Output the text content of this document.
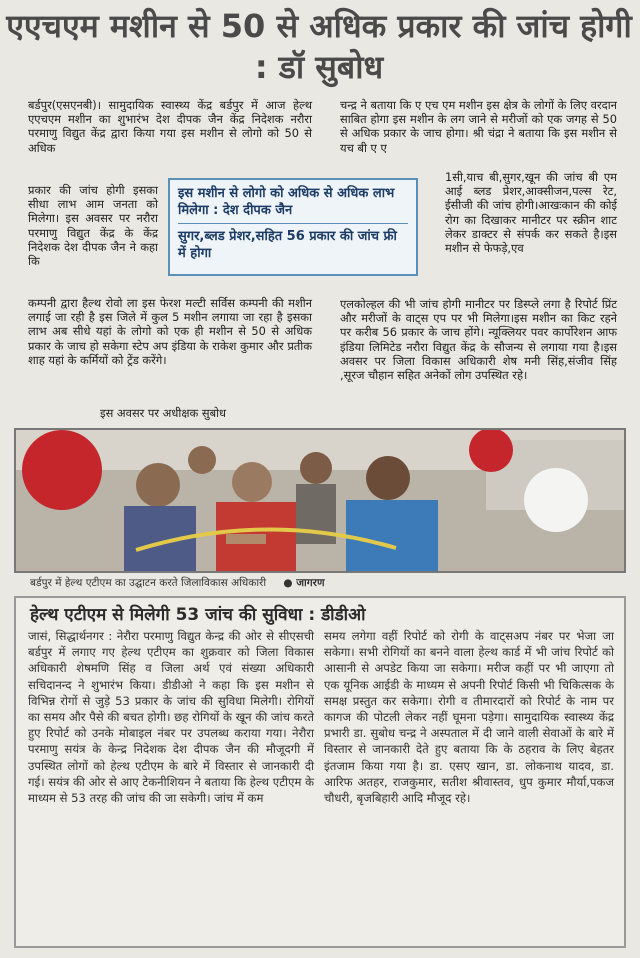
एएचएम मशीन से 50 से अधिक प्रकार की जांच होगी : डॉ सुबोध
बर्डपुर(एसएनबी)। सामुदायिक स्वास्थ्य केंद्र बर्डपुर में आज हेल्थ एएचएम मशीन का शुभारंभ देश दीपक जैन केंद्र निदेशक नरौरा परमाणु विद्युत केंद्र द्वारा किया गया इस मशीन से लोगो को 50 से अधिक
प्रकार की जांच होगी इसका सीधा लाभ आम जनता को मिलेगा। इस अवसर पर नरौरा परमाणु विद्युत केंद्र के केंद्र निदेशक देश दीपक जैन ने कहा कि
कम्पनी द्वारा हैल्थ रोवो ला इस फेरश मल्टी सर्विस कम्पनी की मशीन लगाई जा रही है इस जिले में कुल 5 मशीन लगाया जा रहा है इसका लाभ अब सीधे यहां के लोगो को एक ही मशीन से 50 से अधिक प्रकार के जाच हो सकेगा स्टेप अप इंडिया के राकेश कुमार और प्रतीक शाह यहां के कर्मियों को ट्रेंड करेंगे।
इस अवसर पर अधीक्षक सुबोध
चन्द्र ने बताया कि ए एच एम मशीन इस क्षेत्र के लोगों के लिए वरदान साबित होगा इस मशीन के लग जाने से मरीजों को एक जगह से 50 से अधिक प्रकार के जाच होगा। श्री चंद्रा ने बताया कि इस मशीन से यच बी ए ए
1सी,याच बी,सुगर,खून की जांच बी एम आई ब्लड प्रेशर,आक्सीजन,पल्स रेट, ईसीजी की जांच होगी।आखःकान की कोई रोग का दिखाकर मानीटर पर स्क्रीन शाट लेकर डाक्टर से संपर्क कर सकते है।इस मशीन से फेफड़े,एव
एलकोल्हल की भी जांच होगी मानीटर पर डिस्प्ले लगा है रिपोर्ट प्रिंट और मरीजों के वाट्स एप पर भी मिलेगा।इस मशीन का किट रहने पर करीब 56 प्रकार के जाच होंगे। न्यूक्लियर पवर कार्पोरेशन आफ इंडिया लिमिटेड नरौरा विद्युत केंद्र के सौजन्य से लगाया गया है।इस अवसर पर जिला विकास अधिकारी शेष मनी सिंह,संजीव सिंह ,सूरज चौहान सहित अनेकों लोग उपस्थित रहे।
इस मशीन से लोगो को अधिक से अधिक लाभ मिलेगा : देश दीपक जैन
सुगर,ब्लड प्रेशर,सहित 56 प्रकार की जांच फ्री में होगा
बर्डपुर में हेल्थ एटीएम का उद्घाटन करते जिलाविकास अधिकारी ● जागरण
हेल्थ एटीएम से मिलेगी 53 जांच की सुविधा : डीडीओ
जासं, सिद्धार्थनगर : नेरौरा परमाणु विद्युत केन्द्र की ओर से सीएसची बर्डपुर में लगाए गए हेल्थ एटीएम का शुक्रवार को जिला विकास अधिकारी शेषमणि सिंह व जिला अर्थ एवं संख्या अधिकारी सचिदानन्द ने शुभारंभ किया। डीडीओ ने कहा कि इस मशीन से विभिन्न रोगों से जुड़े 53 प्रकार के जांच की सुविधा मिलेगी। रोगियों का समय और पैसे की बचत होगी। छह रोगियों के खून की जांच करते हुए रिपोर्ट को उनके मोबाइल नंबर पर उपलब्ध कराया गया। नेरौरा परमाणु सयंत्र के केन्द्र निदेशक देश दीपक जैन की मौजूदगी में उपस्थित लोगों को हेल्थ एटीएम के बारे में विस्तार से जानकारी दी गई। सयंत्र की ओर से आए टेकनीशियन ने बताया कि हेल्थ एटीएम के माध्यम से 53 तरह की जांच की जा सकेगी। जांच में कम
समय लगेगा वहीं रिपोर्ट को रोगी के वाट्सअप नंबर पर भेजा जा सकेगा। सभी रोगियों का बनने वाला हेल्थ कार्ड में भी जांच रिपोर्ट को आसानी से अपडेट किया जा सकेगा। मरीज कहीं पर भी जाएगा तो एक यूनिक आईडी के माध्यम से अपनी रिपोर्ट किसी भी चिकित्सक के समक्ष प्रस्तुत कर सकेगा। रोगी व तीमारदारों को रिपोर्ट के नाम पर कागज की पोटली लेकर नहीं घूमना पड़ेगा। सामुदायिक स्वास्थ्य केंद्र प्रभारी डा. सुबोध चन्द्र ने अस्पताल में दी जाने वाली सेवाओं के बारे में विस्तार से जानकारी देते हुए बताया कि के ठहराव के लिए बेहतर इंतजाम किया गया है। डा. एसए खान, डा. लोकनाथ यादव, डा. आरिफ अतहर, राजकुमार, सतीश श्रीवास्तव, धुप कुमार मौर्या,पकज चौधरी, बृजबिहारी आदि मौजूद रहे।
